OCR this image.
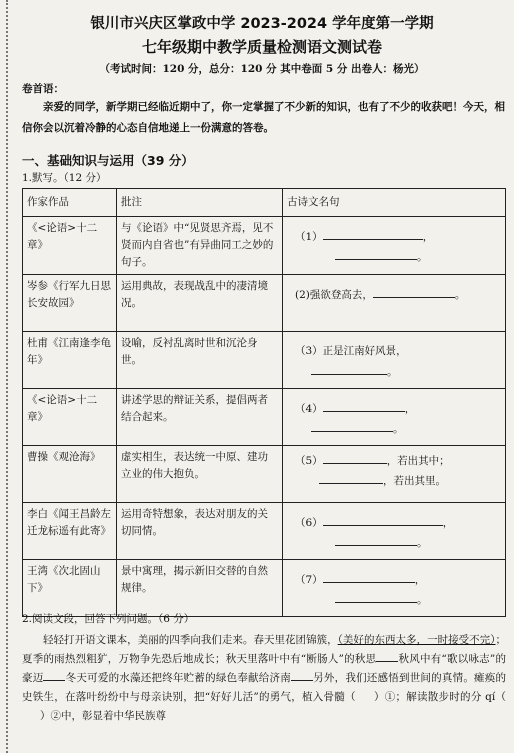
银川市兴庆区掌政中学 2023-2024 学年度第一学期
七年级期中教学质量检测语文测试卷
（考试时间：120 分，总分：120 分 其中卷面 5 分 出卷人：杨光）
卷首语：

亲爱的同学，新学期已经临近期中了，你一定掌握了不少新的知识，也有了不少的收获吧！今天，相信你会以沉着冷静的心态自信地递上一份满意的答卷。

一、基础知识与运用（39 分）
1.默写。（12 分）
作家作品	批注	古诗文名句
《<论语>十二章》	与《论语》中“见贤思齐焉，见不贤而内自省也”有异曲同工之妙的句子。	（1） ，
。

岑参《行军九日思长安故园》	运用典故，表现战乱中的凄清境况。	(2)强欲登高去， 。

杜甫《江南逢李龟年》	设喻，反衬乱离时世和沉沦身世。	（3）正是江南好风景，
。

《<论语>十二章》	讲述学思的辩证关系，提倡两者结合起来。	（4） ，
。

曹操《观沧海》	虚实相生，表达统一中原、建功立业的伟大抱负。	（5） ，若出其中；
，若出其里。

李白《闻王昌龄左迁龙标遥有此寄》	运用奇特想象，表达对朋友的关切同情。	（6） ，
。

王湾《次北固山下》	景中寓理，揭示新旧交替的自然规律。	（7） ，
。
2.阅读文段，回答下列问题。（6 分）

轻轻打开语文课本，美丽的四季向我们走来。春天里花团锦簇，（美好的东西太多，一时接受不完）；夏季的雨热烈粗犷，万物争先恐后地成长；秋天里落叶中有“断肠人”的秋思 秋风中有“歌以咏志”的豪迈 冬天可爱的水藻还把终年贮蓄的绿色奉献给济南 另外，我们还感悟到世间的真情。瘫痪的史铁生，在落叶纷纷中与母亲诀别，把“好好儿活”的勇气，植入骨髓（ ）①；解读散步时的分 qí（）②中，彰显着中华民族尊
